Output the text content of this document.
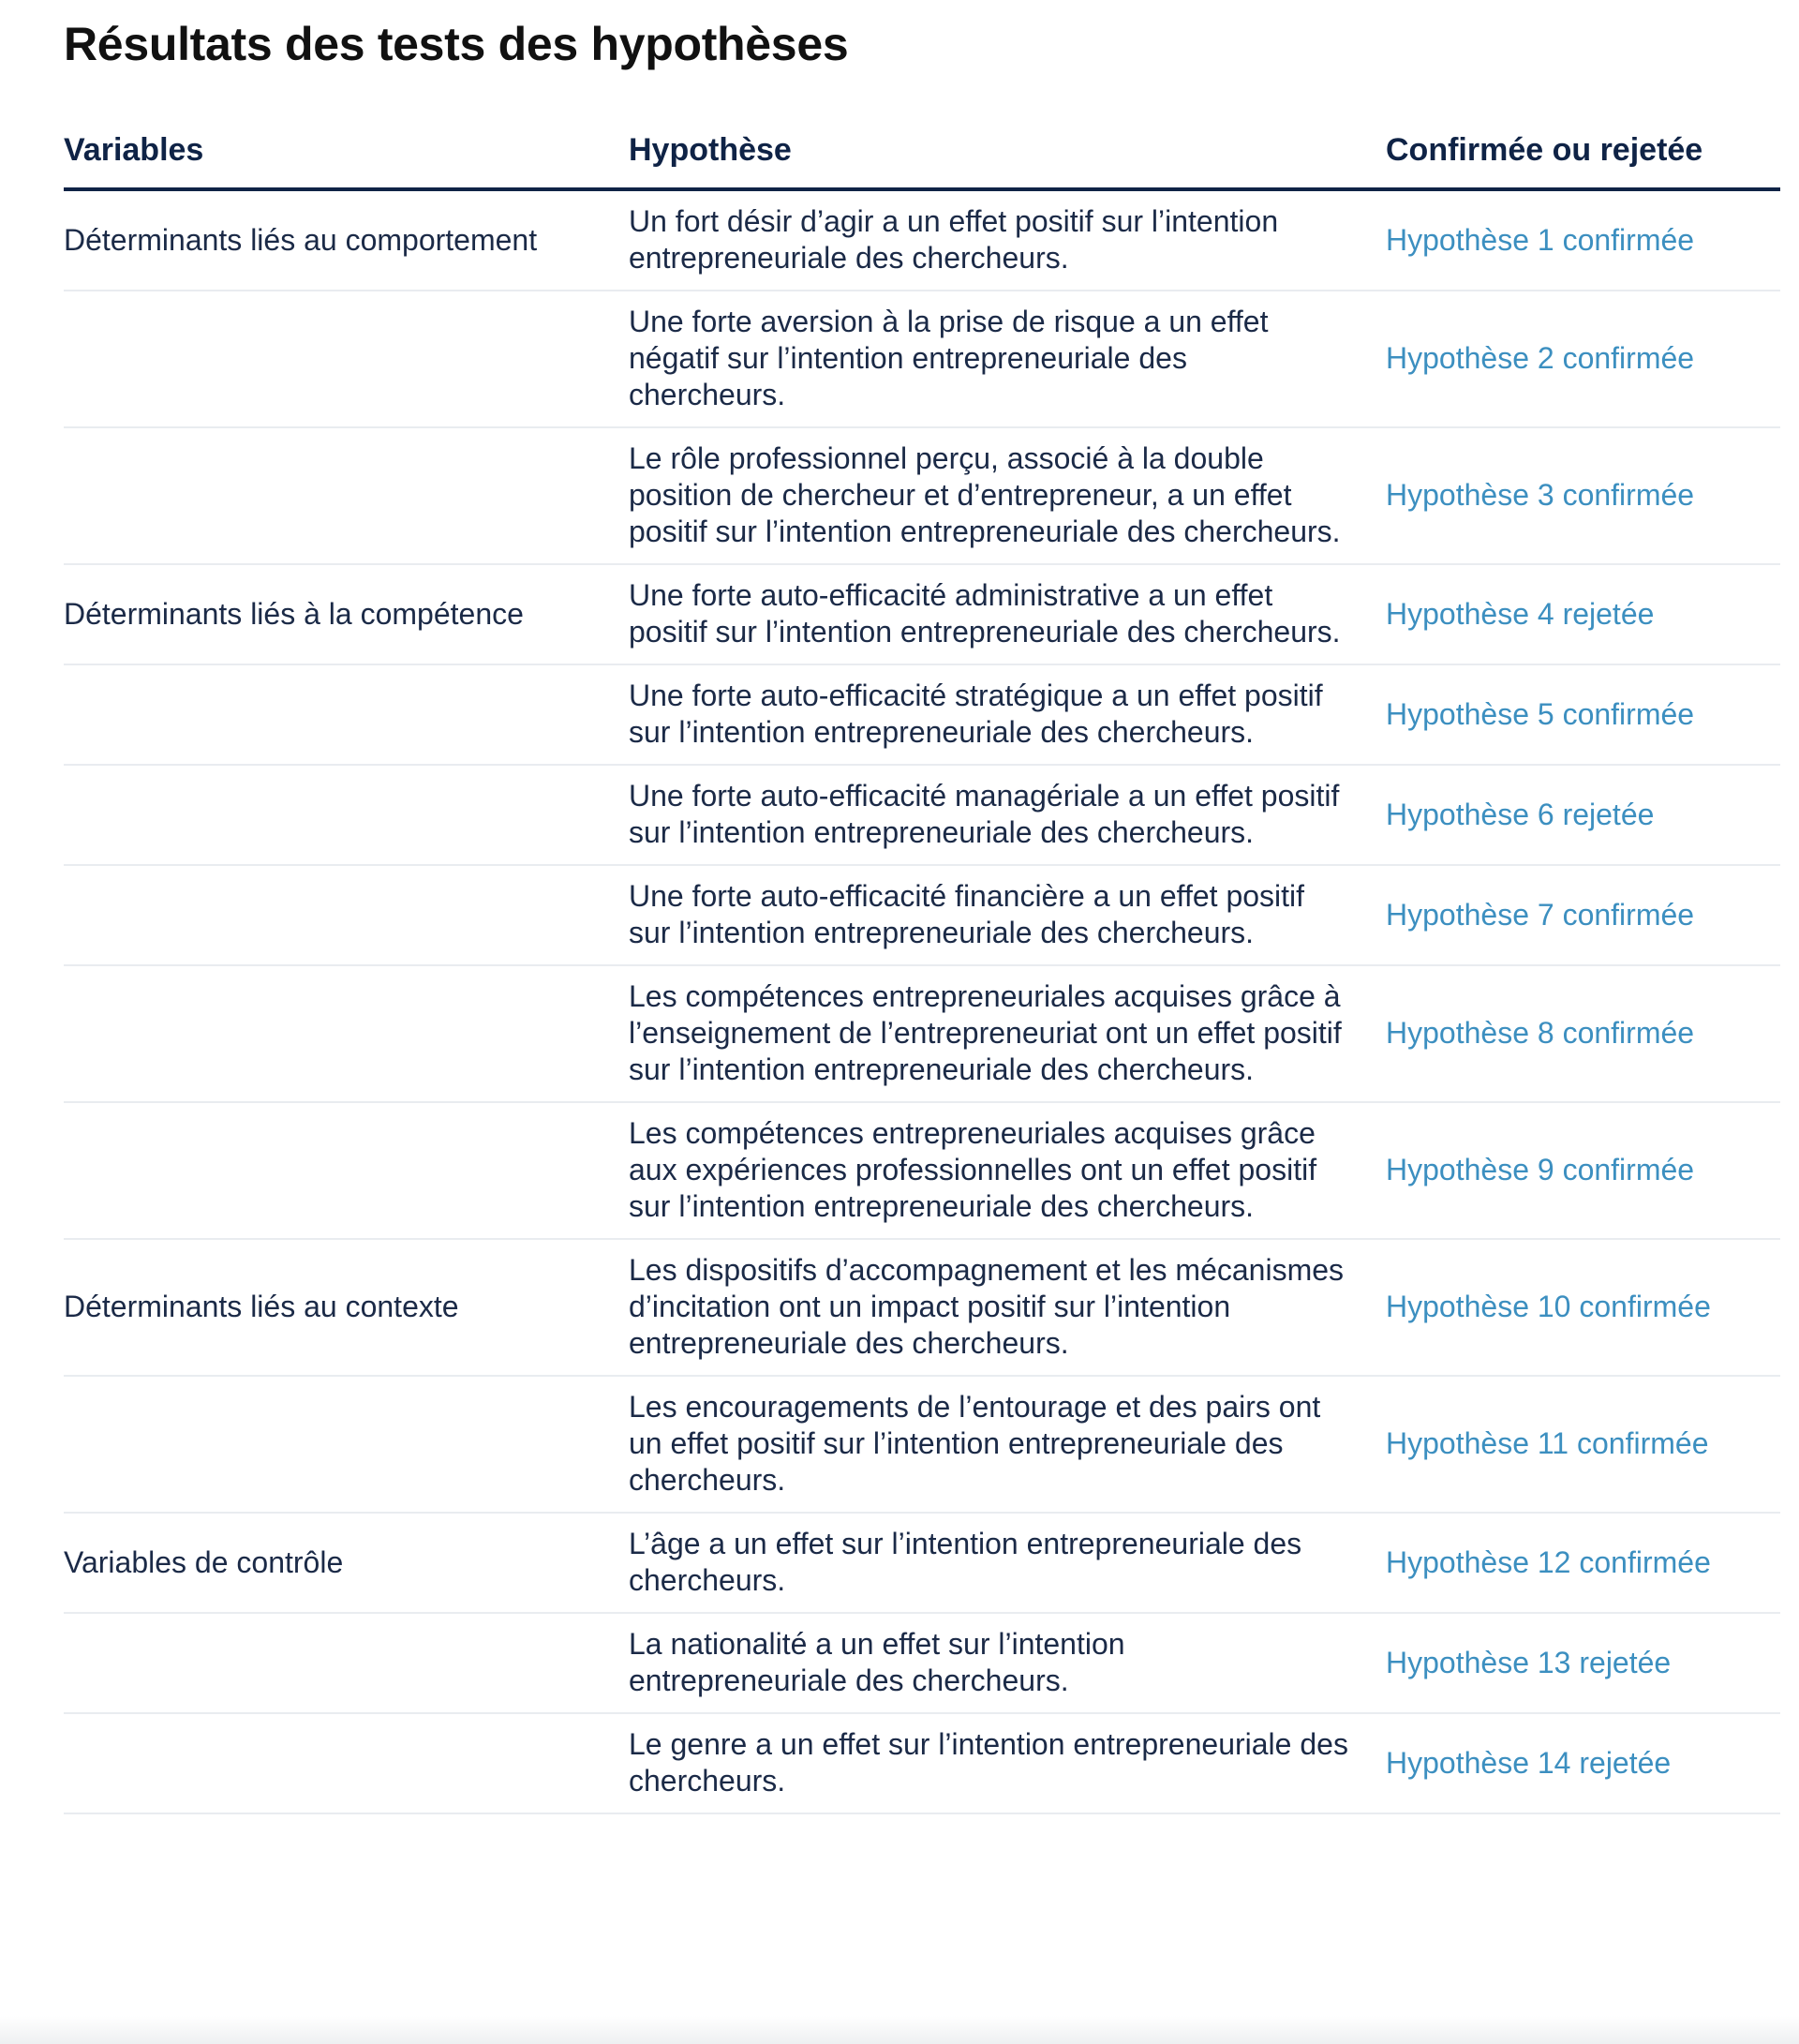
Résultats des tests des hypothèses
Variables	Hypothèse	Confirmée ou rejetée
Déterminants liés au comportement	Un fort désir d’agir a un effet positif sur l’intention entrepreneuriale des chercheurs.	Hypothèse 1 confirmée
	Une forte aversion à la prise de risque a un effet négatif sur l’intention entrepreneuriale des chercheurs.	Hypothèse 2 confirmée
	Le rôle professionnel perçu, associé à la double position de chercheur et d’entrepreneur, a un effet positif sur l’intention entrepreneuriale des chercheurs.	Hypothèse 3 confirmée
Déterminants liés à la compétence	Une forte auto-efficacité administrative a un effet positif sur l’intention entrepreneuriale des chercheurs.	Hypothèse 4 rejetée
	Une forte auto-efficacité stratégique a un effet positif sur l’intention entrepreneuriale des chercheurs.	Hypothèse 5 confirmée
	Une forte auto-efficacité managériale a un effet positif sur l’intention entrepreneuriale des chercheurs.	Hypothèse 6 rejetée
	Une forte auto-efficacité financière a un effet positif sur l’intention entrepreneuriale des chercheurs.	Hypothèse 7 confirmée
	Les compétences entrepreneuriales acquises grâce à l’enseignement de l’entrepreneuriat ont un effet positif sur l’intention entrepreneuriale des chercheurs.	Hypothèse 8 confirmée
	Les compétences entrepreneuriales acquises grâce aux expériences professionnelles ont un effet positif sur l’intention entrepreneuriale des chercheurs.	Hypothèse 9 confirmée
Déterminants liés au contexte	Les dispositifs d’accompagnement et les mécanismes d’incitation ont un impact positif sur l’intention entrepreneuriale des chercheurs.	Hypothèse 10 confirmée
	Les encouragements de l’entourage et des pairs ont un effet positif sur l’intention entrepreneuriale des chercheurs.	Hypothèse 11 confirmée
Variables de contrôle	L’âge a un effet sur l’intention entrepreneuriale des chercheurs.	Hypothèse 12 confirmée
	La nationalité a un effet sur l’intention entrepreneuriale des chercheurs.	Hypothèse 13 rejetée
	Le genre a un effet sur l’intention entrepreneuriale des chercheurs.	Hypothèse 14 rejetée
